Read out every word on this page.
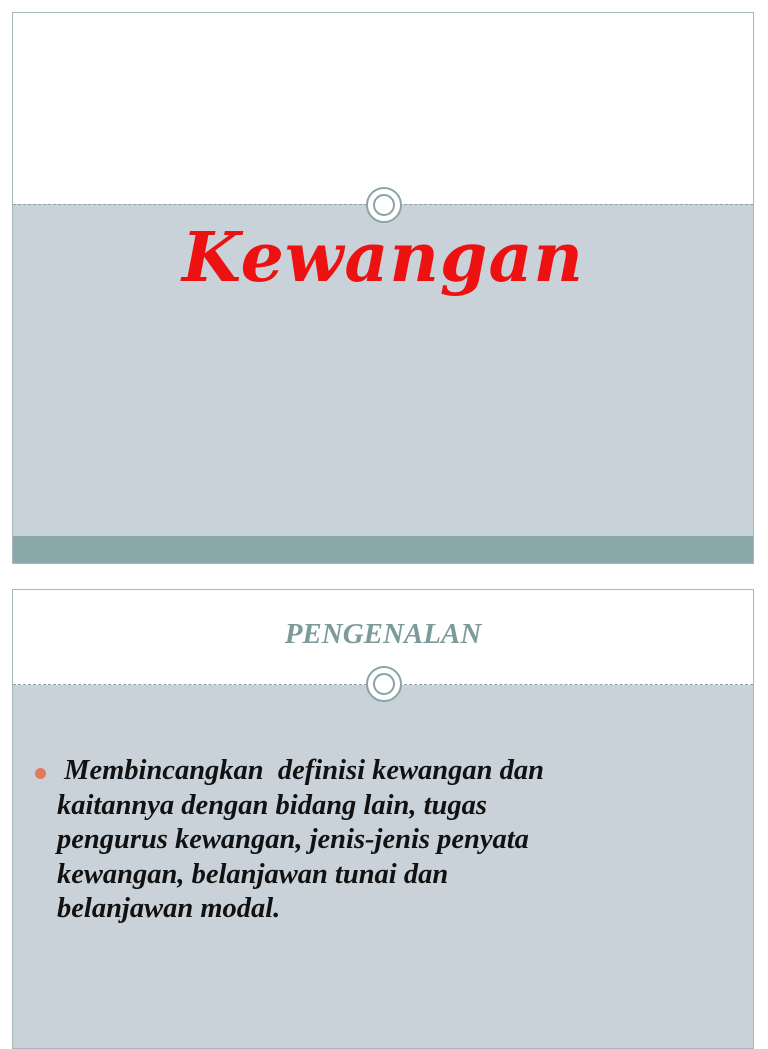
Kewangan
PENGENALAN
Membincangkan  definisi kewangan dan
kaitannya dengan bidang lain, tugas
pengurus kewangan, jenis-jenis penyata
kewangan, belanjawan tunai dan
belanjawan modal.
